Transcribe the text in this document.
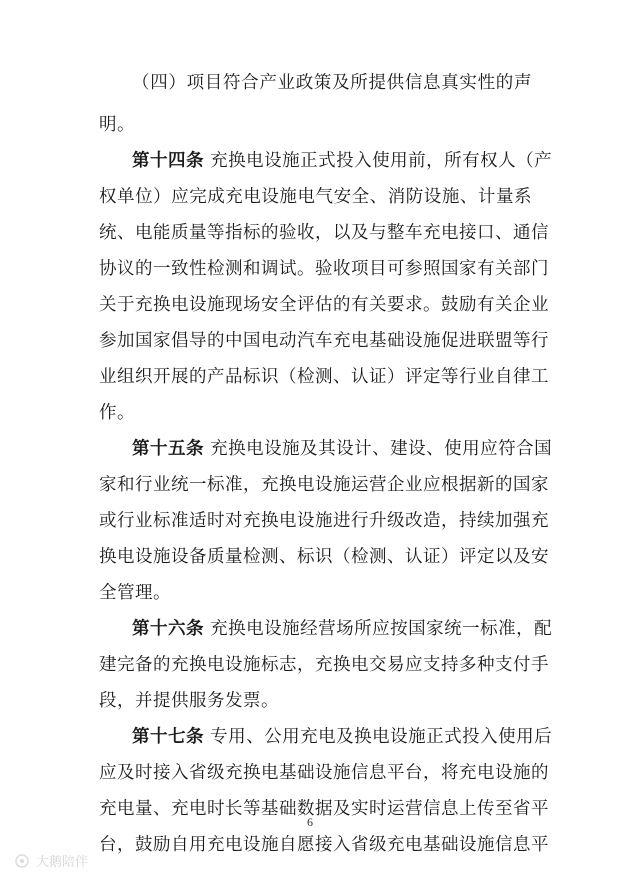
（四）项目符合产业政策及所提供信息真实性的声
明。
第十四条 充换电设施正式投入使用前，所有权人（产
权单位）应完成充电设施电气安全、消防设施、计量系
统、电能质量等指标的验收，以及与整车充电接口、通信
协议的一致性检测和调试。验收项目可参照国家有关部门
关于充换电设施现场安全评估的有关要求。鼓励有关企业
参加国家倡导的中国电动汽车充电基础设施促进联盟等行
业组织开展的产品标识（检测、认证）评定等行业自律工
作。
第十五条 充换电设施及其设计、建设、使用应符合国
家和行业统一标准，充换电设施运营企业应根据新的国家
或行业标准适时对充换电设施进行升级改造，持续加强充
换电设施设备质量检测、标识（检测、认证）评定以及安
全管理。
第十六条 充换电设施经营场所应按国家统一标准，配
建完备的充换电设施标志，充换电交易应支持多种支付手
段，并提供服务发票。
第十七条 专用、公用充电及换电设施正式投入使用后
应及时接入省级充换电基础设施信息平台，将充电设施的
充电量、充电时长等基础数据及实时运营信息上传至省平
台，鼓励自用充电设施自愿接入省级充电基础设施信息平
6
大鹅陪伴
